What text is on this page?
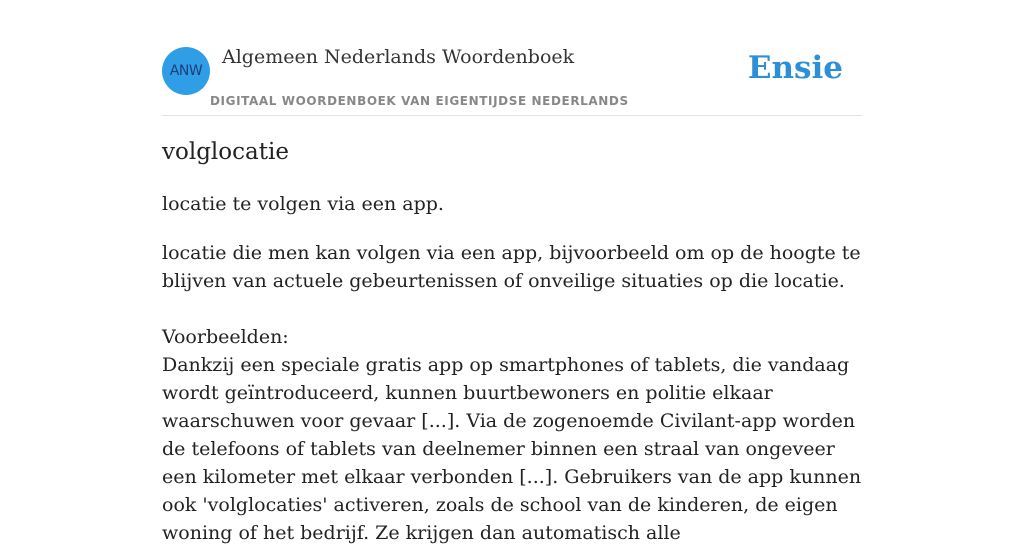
ANW
Algemeen Nederlands Woordenboek
DIGITAAL WOORDENBOEK VAN EIGENTIJDSE NEDERLANDS
Ensie
volglocatie
locatie te volgen via een app.
locatie die men kan volgen via een app, bijvoorbeeld om op de hoogte te blijven van actuele gebeurtenissen of onveilige situaties op die locatie.
Voorbeelden:
Dankzij een speciale gratis app op smartphones of tablets, die vandaag wordt geïntroduceerd, kunnen buurtbewoners en politie elkaar waarschuwen voor gevaar [...]. Via de zogenoemde Civilant-app worden de telefoons of tablets van deelnemer binnen een straal van ongeveer een kilometer met elkaar verbonden [...]. Gebruikers van de app kunnen ook 'volglocaties' activeren, zoals de school van de kinderen, de eigen woning of het bedrijf. Ze krijgen dan automatisch alle
